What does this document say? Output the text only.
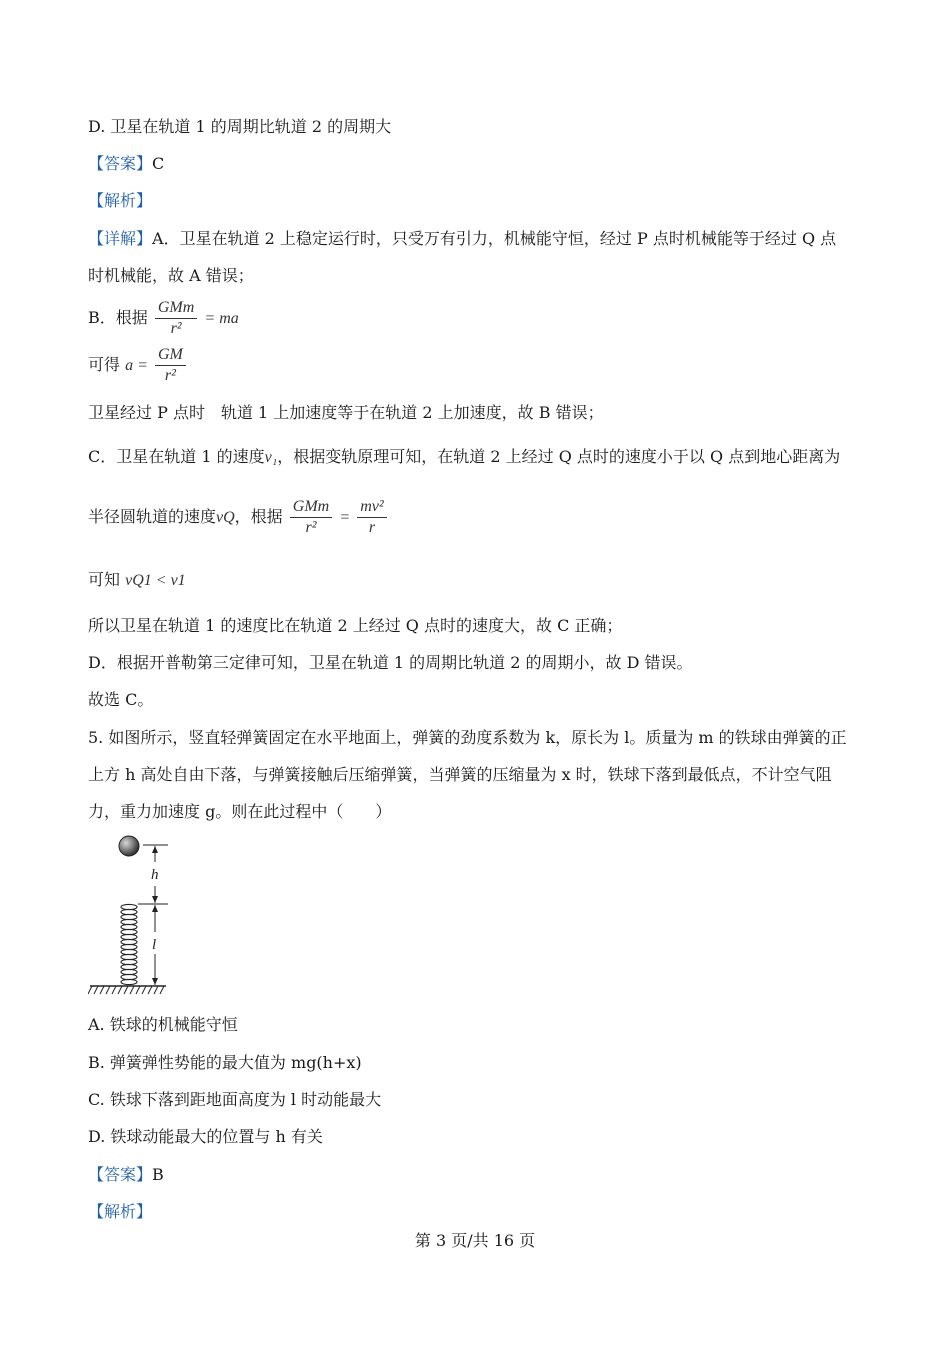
D. 卫星在轨道 1 的周期比轨道 2 的周期大
【答案】C
【解析】
【详解】A．卫星在轨道 2 上稳定运行时，只受万有引力，机械能守恒，经过 P 点时机械能等于经过 Q 点
时机械能，故 A 错误；
B．根据 $\frac{\text{GMm}}{\text{r²}}$ = ma
可得 $a = \frac{GM}{\text{r²}}$
卫星经过 P 点时　轨道 1 上加速度等于在轨道 2 上加速度，故 B 错误；
C．卫星在轨道 1 的速度v₁，根据变轨原理可知，在轨道 2 上经过 Q 点时的速度小于以 Q 点到地心距离为
半径圆轨道的速度vQ，根据 $\frac{\text{GMm}}{\text{r²}} = \frac{\text{mv²}}{r}$
可知 vQ1 < v1
所以卫星在轨道 1 的速度比在轨道 2 上经过 Q 点时的速度大，故 C 正确；
D．根据开普勒第三定律可知，卫星在轨道 1 的周期比轨道 2 的周期小，故 D 错误。
故选 C。
5. 如图所示，竖直轻弹簧固定在水平地面上，弹簧的劲度系数为 k，原长为 l。质量为 m 的铁球由弹簧的正
上方 h 高处自由下落，与弹簧接触后压缩弹簧，当弹簧的压缩量为 x 时，铁球下落到最低点，不计空气阻
力，重力加速度 g。则在此过程中（　　）
h
l
A. 铁球的机械能守恒
B. 弹簧弹性势能的最大值为 mg(h+x)
C. 铁球下落到距地面高度为 l 时动能最大
D. 铁球动能最大的位置与 h 有关
【答案】B
【解析】
第 3 页/共 16 页
